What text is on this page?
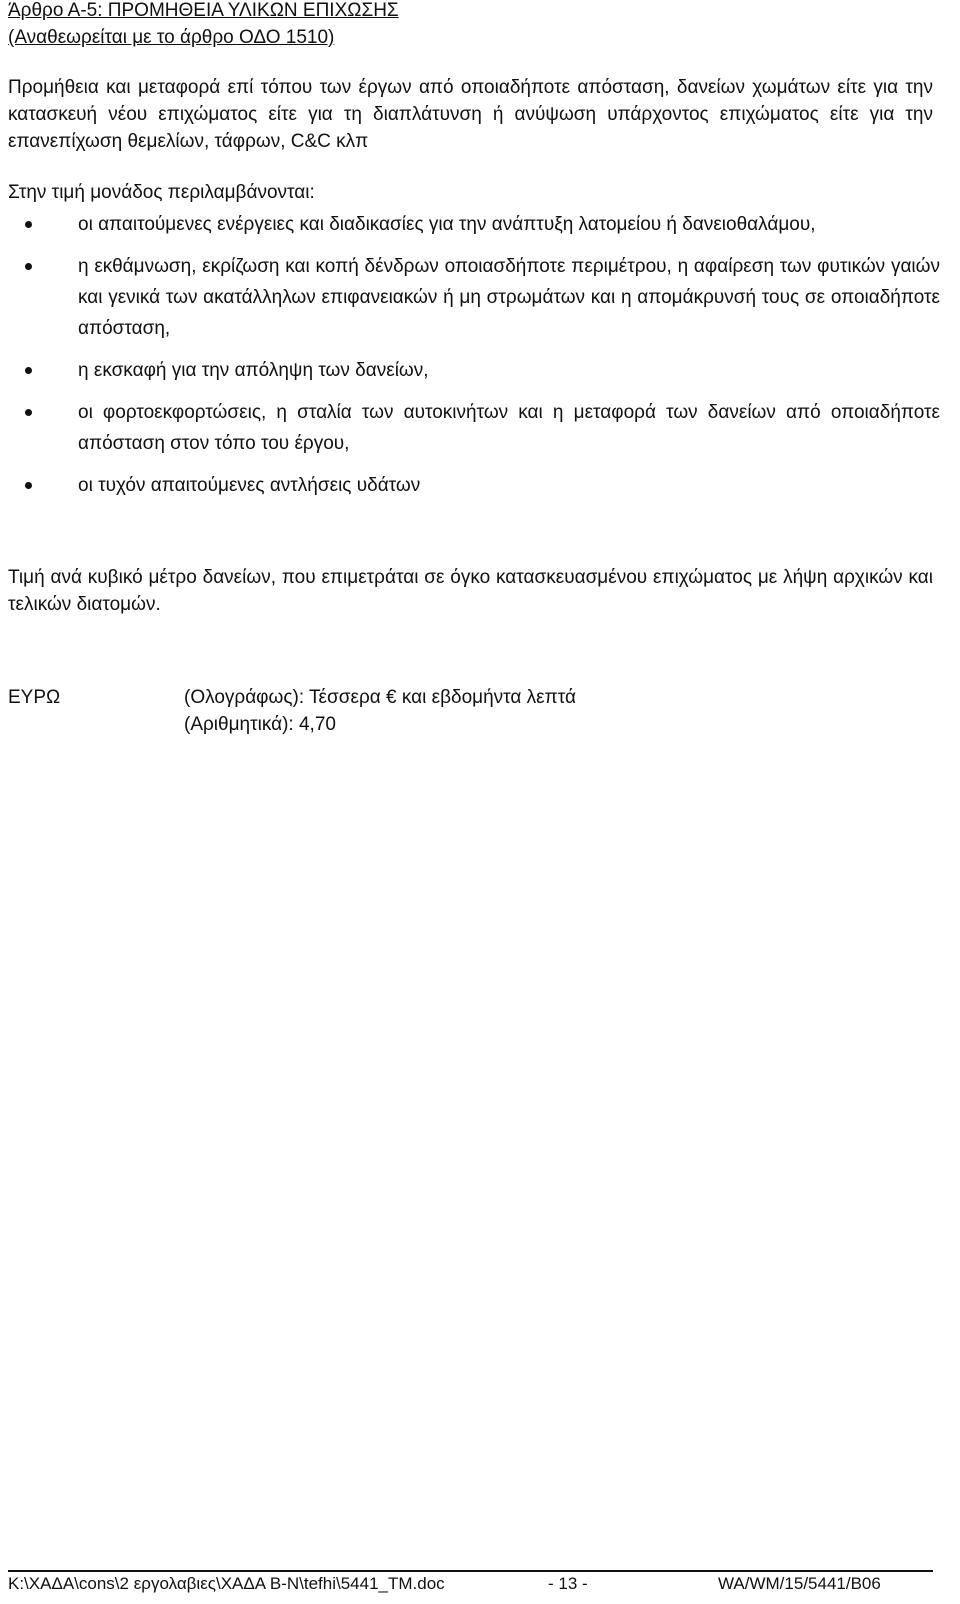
Άρθρο Α-5: ΠΡΟΜΗΘΕΙΑ ΥΛΙΚΩΝ ΕΠΙΧΩΣΗΣ
(Αναθεωρείται με το άρθρο ΟΔΟ 1510)
Προμήθεια και μεταφορά επί τόπου των έργων από οποιαδήποτε απόσταση, δανείων χωμάτων είτε για την κατασκευή νέου επιχώματος είτε για τη διαπλάτυνση ή ανύψωση υπάρχοντος επιχώματος είτε για την επανεπίχωση θεμελίων, τάφρων, C&C κλπ
Στην τιμή μονάδος περιλαμβάνονται:
οι απαιτούμενες ενέργειες και διαδικασίες για την ανάπτυξη λατομείου ή δανειοθαλάμου,
η εκθάμνωση, εκρίζωση και κοπή δένδρων οποιασδήποτε περιμέτρου, η αφαίρεση των φυτικών γαιών και γενικά των ακατάλληλων επιφανειακών ή μη στρωμάτων και η απομάκρυνσή τους σε οποιαδήποτε απόσταση,
η εκσκαφή για την απόληψη των δανείων,
οι φορτοεκφορτώσεις, η σταλία των αυτοκινήτων και η μεταφορά των δανείων από οποιαδήποτε απόσταση στον τόπο του έργου,
οι τυχόν απαιτούμενες αντλήσεις υδάτων
Τιμή ανά κυβικό μέτρο δανείων, που επιμετράται σε όγκο κατασκευασμένου επιχώματος με λήψη αρχικών και τελικών διατομών.
ΕΥΡΩ	(Ολογράφως): Τέσσερα € και εβδομήντα λεπτά
(Αριθμητικά): 4,70
K:\ΧΑΔΑ\cons\2 εργολαβιες\ΧΑΔΑ Β-Ν\tefhi\5441_TM.doc	- 13 -	WA/WM/15/5441/B06
